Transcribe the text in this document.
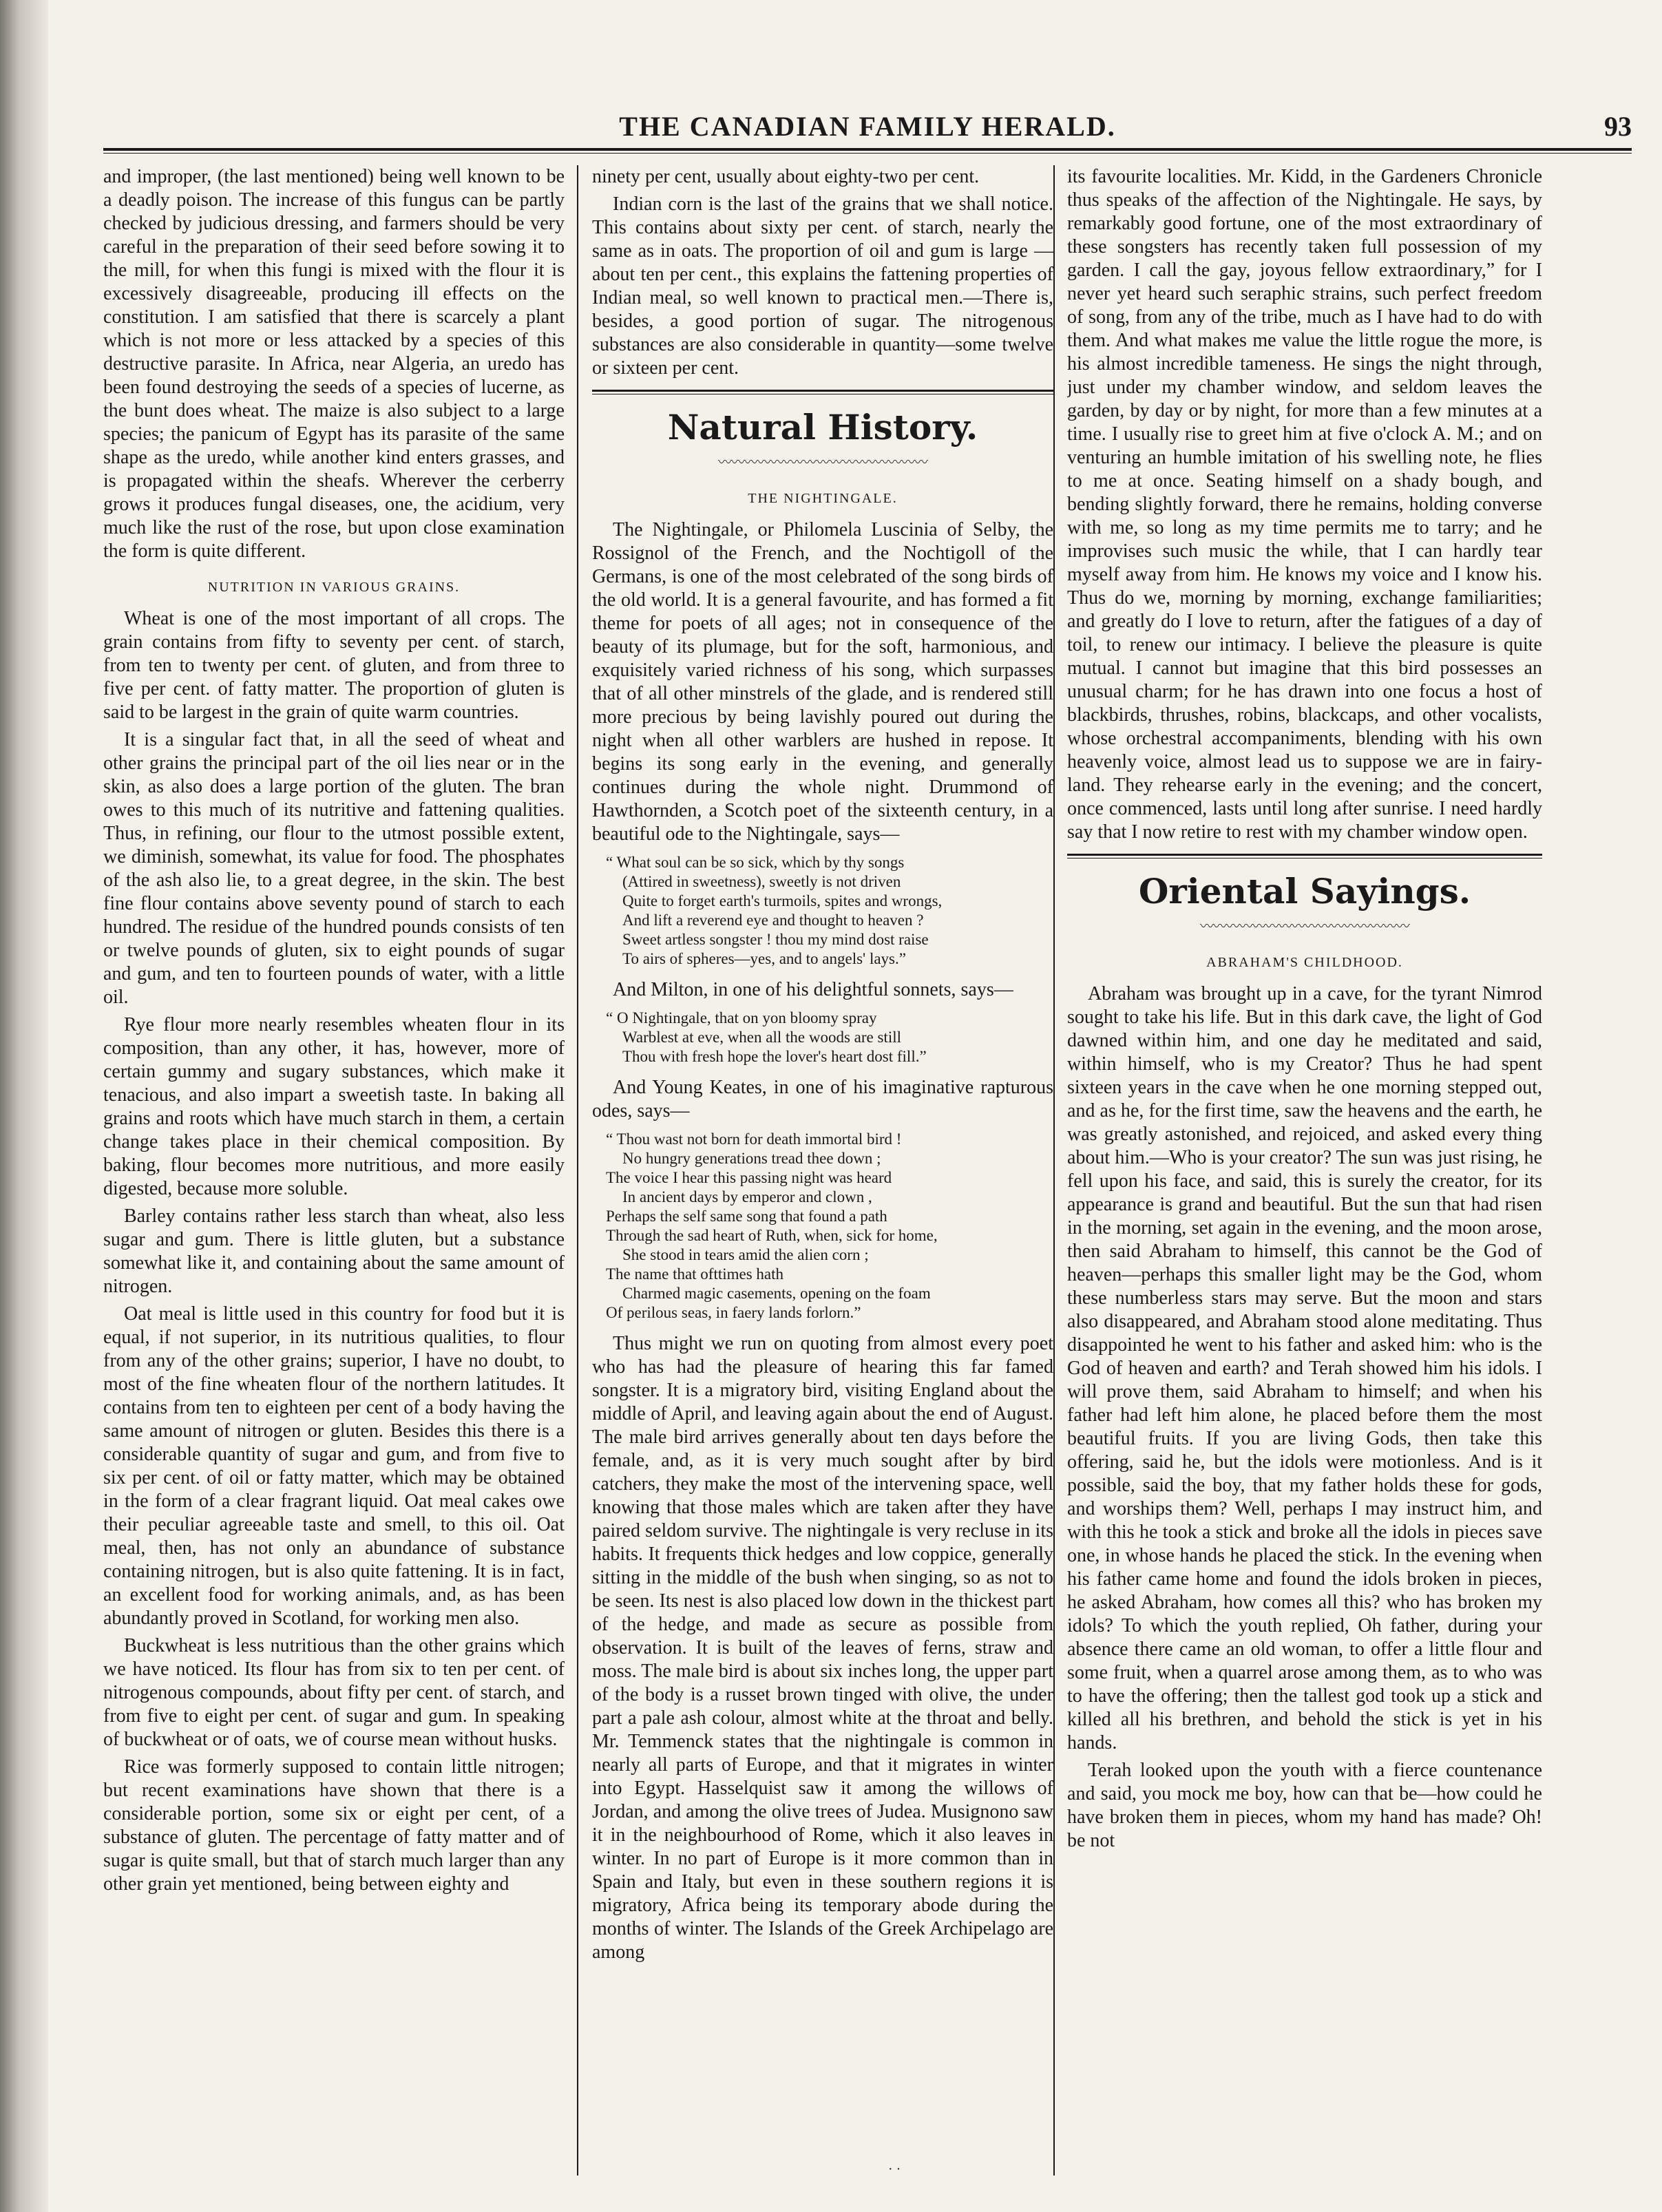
THE CANADIAN FAMILY HERALD.	93

and improper, (the last mentioned) being well known to be a deadly poison. The increase of this fungus can be partly checked by judicious dressing, and farmers should be very careful in the preparation of their seed before sowing it to the mill, for when this fungi is mixed with the flour it is excessively disagreeable, producing ill effects on the constitution. I am satisfied that there is scarcely a plant which is not more or less attacked by a species of this destructive parasite. In Africa, near Algeria, an uredo has been found destroying the seeds of a species of lucerne, as the bunt does wheat. The maize is also subject to a large species; the panicum of Egypt has its parasite of the same shape as the uredo, while another kind enters grasses, and is propagated within the sheafs. Wherever the cerberry grows it produces fungal diseases, one, the acidium, very much like the rust of the rose, but upon close examination the form is quite different.

NUTRITION IN VARIOUS GRAINS.

Wheat is one of the most important of all crops. The grain contains from fifty to seventy per cent. of starch, from ten to twenty per cent. of gluten, and from three to five per cent. of fatty matter. The proportion of gluten is said to be largest in the grain of quite warm countries.

It is a singular fact that, in all the seed of wheat and other grains the principal part of the oil lies near or in the skin, as also does a large portion of the gluten. The bran owes to this much of its nutritive and fattening qualities. Thus, in refining, our flour to the utmost possible extent, we diminish, somewhat, its value for food. The phosphates of the ash also lie, to a great degree, in the skin. The best fine flour contains above seventy pound of starch to each hundred. The residue of the hundred pounds consists of ten or twelve pounds of gluten, six to eight pounds of sugar and gum, and ten to fourteen pounds of water, with a little oil.

Rye flour more nearly resembles wheaten flour in its composition, than any other, it has, however, more of certain gummy and sugary substances, which make it tenacious, and also impart a sweetish taste. In baking all grains and roots which have much starch in them, a certain change takes place in their chemical composition. By baking, flour becomes more nutritious, and more easily digested, because more soluble.

Barley contains rather less starch than wheat, also less sugar and gum. There is little gluten, but a substance somewhat like it, and containing about the same amount of nitrogen.

Oat meal is little used in this country for food but it is equal, if not superior, in its nutritious qualities, to flour from any of the other grains; superior, I have no doubt, to most of the fine wheaten flour of the northern latitudes. It contains from ten to eighteen per cent of a body having the same amount of nitrogen or gluten. Besides this there is a considerable quantity of sugar and gum, and from five to six per cent. of oil or fatty matter, which may be obtained in the form of a clear fragrant liquid. Oat meal cakes owe their peculiar agreeable taste and smell, to this oil. Oat meal, then, has not only an abundance of substance containing nitrogen, but is also quite fattening. It is in fact, an excellent food for working animals, and, as has been abundantly proved in Scotland, for working men also.

Buckwheat is less nutritious than the other grains which we have noticed. Its flour has from six to ten per cent. of nitrogenous compounds, about fifty per cent. of starch, and from five to eight per cent. of sugar and gum. In speaking of buckwheat or of oats, we of course mean without husks.

Rice was formerly supposed to contain little nitrogen; but recent examinations have shown that there is a considerable portion, some six or eight per cent, of a substance of gluten. The percentage of fatty matter and of sugar is quite small, but that of starch much larger than any other grain yet mentioned, being between eighty and

ninety per cent, usually about eighty-two per cent.

Indian corn is the last of the grains that we shall notice. This contains about sixty per cent. of starch, nearly the same as in oats. The proportion of oil and gum is large —about ten per cent., this explains the fattening properties of Indian meal, so well known to practical men.—There is, besides, a good portion of sugar. The nitrogenous substances are also considerable in quantity—some twelve or sixteen per cent.

Natural History.
〰〰〰〰〰〰〰〰〰〰〰〰〰〰〰〰

THE NIGHTINGALE.

The Nightingale, or Philomela Luscinia of Selby, the Rossignol of the French, and the Nochtigoll of the Germans, is one of the most celebrated of the song birds of the old world. It is a general favourite, and has formed a fit theme for poets of all ages; not in consequence of the beauty of its plumage, but for the soft, harmonious, and exquisitely varied richness of his song, which surpasses that of all other minstrels of the glade, and is rendered still more precious by being lavishly poured out during the night when all other warblers are hushed in repose. It begins its song early in the evening, and generally continues during the whole night. Drummond of Hawthornden, a Scotch poet of the sixteenth century, in a beautiful ode to the Nightingale, says—

“ What soul can be so sick, which by thy songs
(Attired in sweetness), sweetly is not driven
Quite to forget earth's turmoils, spites and wrongs,
And lift a reverend eye and thought to heaven ?
Sweet artless songster ! thou my mind dost raise
To airs of spheres—yes, and to angels' lays.”

And Milton, in one of his delightful sonnets, says—

“ O Nightingale, that on yon bloomy spray
Warblest at eve, when all the woods are still
Thou with fresh hope the lover's heart dost fill.”

And Young Keates, in one of his imaginative rapturous odes, says—

“ Thou wast not born for death immortal bird !
No hungry generations tread thee down ;
The voice I hear this passing night was heard
In ancient days by emperor and clown ,
Perhaps the self same song that found a path
Through the sad heart of Ruth, when, sick for home,
She stood in tears amid the alien corn ;
The name that ofttimes hath
Charmed magic casements, opening on the foam
Of perilous seas, in faery lands forlorn.”

Thus might we run on quoting from almost every poet who has had the pleasure of hearing this far famed songster. It is a migratory bird, visiting England about the middle of April, and leaving again about the end of August. The male bird arrives generally about ten days before the female, and, as it is very much sought after by bird catchers, they make the most of the intervening space, well knowing that those males which are taken after they have paired seldom survive. The nightingale is very recluse in its habits. It frequents thick hedges and low coppice, generally sitting in the middle of the bush when singing, so as not to be seen. Its nest is also placed low down in the thickest part of the hedge, and made as secure as possible from observation. It is built of the leaves of ferns, straw and moss. The male bird is about six inches long, the upper part of the body is a russet brown tinged with olive, the under part a pale ash colour, almost white at the throat and belly. Mr. Temmenck states that the nightingale is common in nearly all parts of Europe, and that it migrates in winter into Egypt. Hasselquist saw it among the willows of Jordan, and among the olive trees of Judea. Musignono saw it in the neighbourhood of Rome, which it also leaves in winter. In no part of Europe is it more common than in Spain and Italy, but even in these southern regions it is migratory, Africa being its temporary abode during the months of winter. The Islands of the Greek Archipelago are among

its favourite localities. Mr. Kidd, in the Gardeners Chronicle thus speaks of the affection of the Nightingale. He says, by remarkably good fortune, one of the most extraordinary of these songsters has recently taken full possession of my garden. I call the gay, joyous fellow extraordinary,” for I never yet heard such seraphic strains, such perfect freedom of song, from any of the tribe, much as I have had to do with them. And what makes me value the little rogue the more, is his almost incredible tameness. He sings the night through, just under my chamber window, and seldom leaves the garden, by day or by night, for more than a few minutes at a time. I usually rise to greet him at five o'clock A. M.; and on venturing an humble imitation of his swelling note, he flies to me at once. Seating himself on a shady bough, and bending slightly forward, there he remains, holding converse with me, so long as my time permits me to tarry; and he improvises such music the while, that I can hardly tear myself away from him. He knows my voice and I know his. Thus do we, morning by morning, exchange familiarities; and greatly do I love to return, after the fatigues of a day of toil, to renew our intimacy. I believe the pleasure is quite mutual. I cannot but imagine that this bird possesses an unusual charm; for he has drawn into one focus a host of blackbirds, thrushes, robins, blackcaps, and other vocalists, whose orchestral accompaniments, blending with his own heavenly voice, almost lead us to suppose we are in fairy-land. They rehearse early in the evening; and the concert, once commenced, lasts until long after sunrise. I need hardly say that I now retire to rest with my chamber window open.

Oriental Sayings.
〰〰〰〰〰〰〰〰〰〰〰〰〰〰〰〰

ABRAHAM'S CHILDHOOD.

Abraham was brought up in a cave, for the tyrant Nimrod sought to take his life. But in this dark cave, the light of God dawned within him, and one day he meditated and said, within himself, who is my Creator? Thus he had spent sixteen years in the cave when he one morning stepped out, and as he, for the first time, saw the heavens and the earth, he was greatly astonished, and rejoiced, and asked every thing about him.—Who is your creator? The sun was just rising, he fell upon his face, and said, this is surely the creator, for its appearance is grand and beautiful. But the sun that had risen in the morning, set again in the evening, and the moon arose, then said Abraham to himself, this cannot be the God of heaven—perhaps this smaller light may be the God, whom these numberless stars may serve. But the moon and stars also disappeared, and Abraham stood alone meditating. Thus disappointed he went to his father and asked him: who is the God of heaven and earth? and Terah showed him his idols. I will prove them, said Abraham to himself; and when his father had left him alone, he placed before them the most beautiful fruits. If you are living Gods, then take this offering, said he, but the idols were motionless. And is it possible, said the boy, that my father holds these for gods, and worships them? Well, perhaps I may instruct him, and with this he took a stick and broke all the idols in pieces save one, in whose hands he placed the stick. In the evening when his father came home and found the idols broken in pieces, he asked Abraham, how comes all this? who has broken my idols? To which the youth replied, Oh father, during your absence there came an old woman, to offer a little flour and some fruit, when a quarrel arose among them, as to who was to have the offering; then the tallest god took up a stick and killed all his brethren, and behold the stick is yet in his hands.

Terah looked upon the youth with a fierce countenance and said, you mock me boy, how can that be—how could he have broken them in pieces, whom my hand has made? Oh! be not

· ·
